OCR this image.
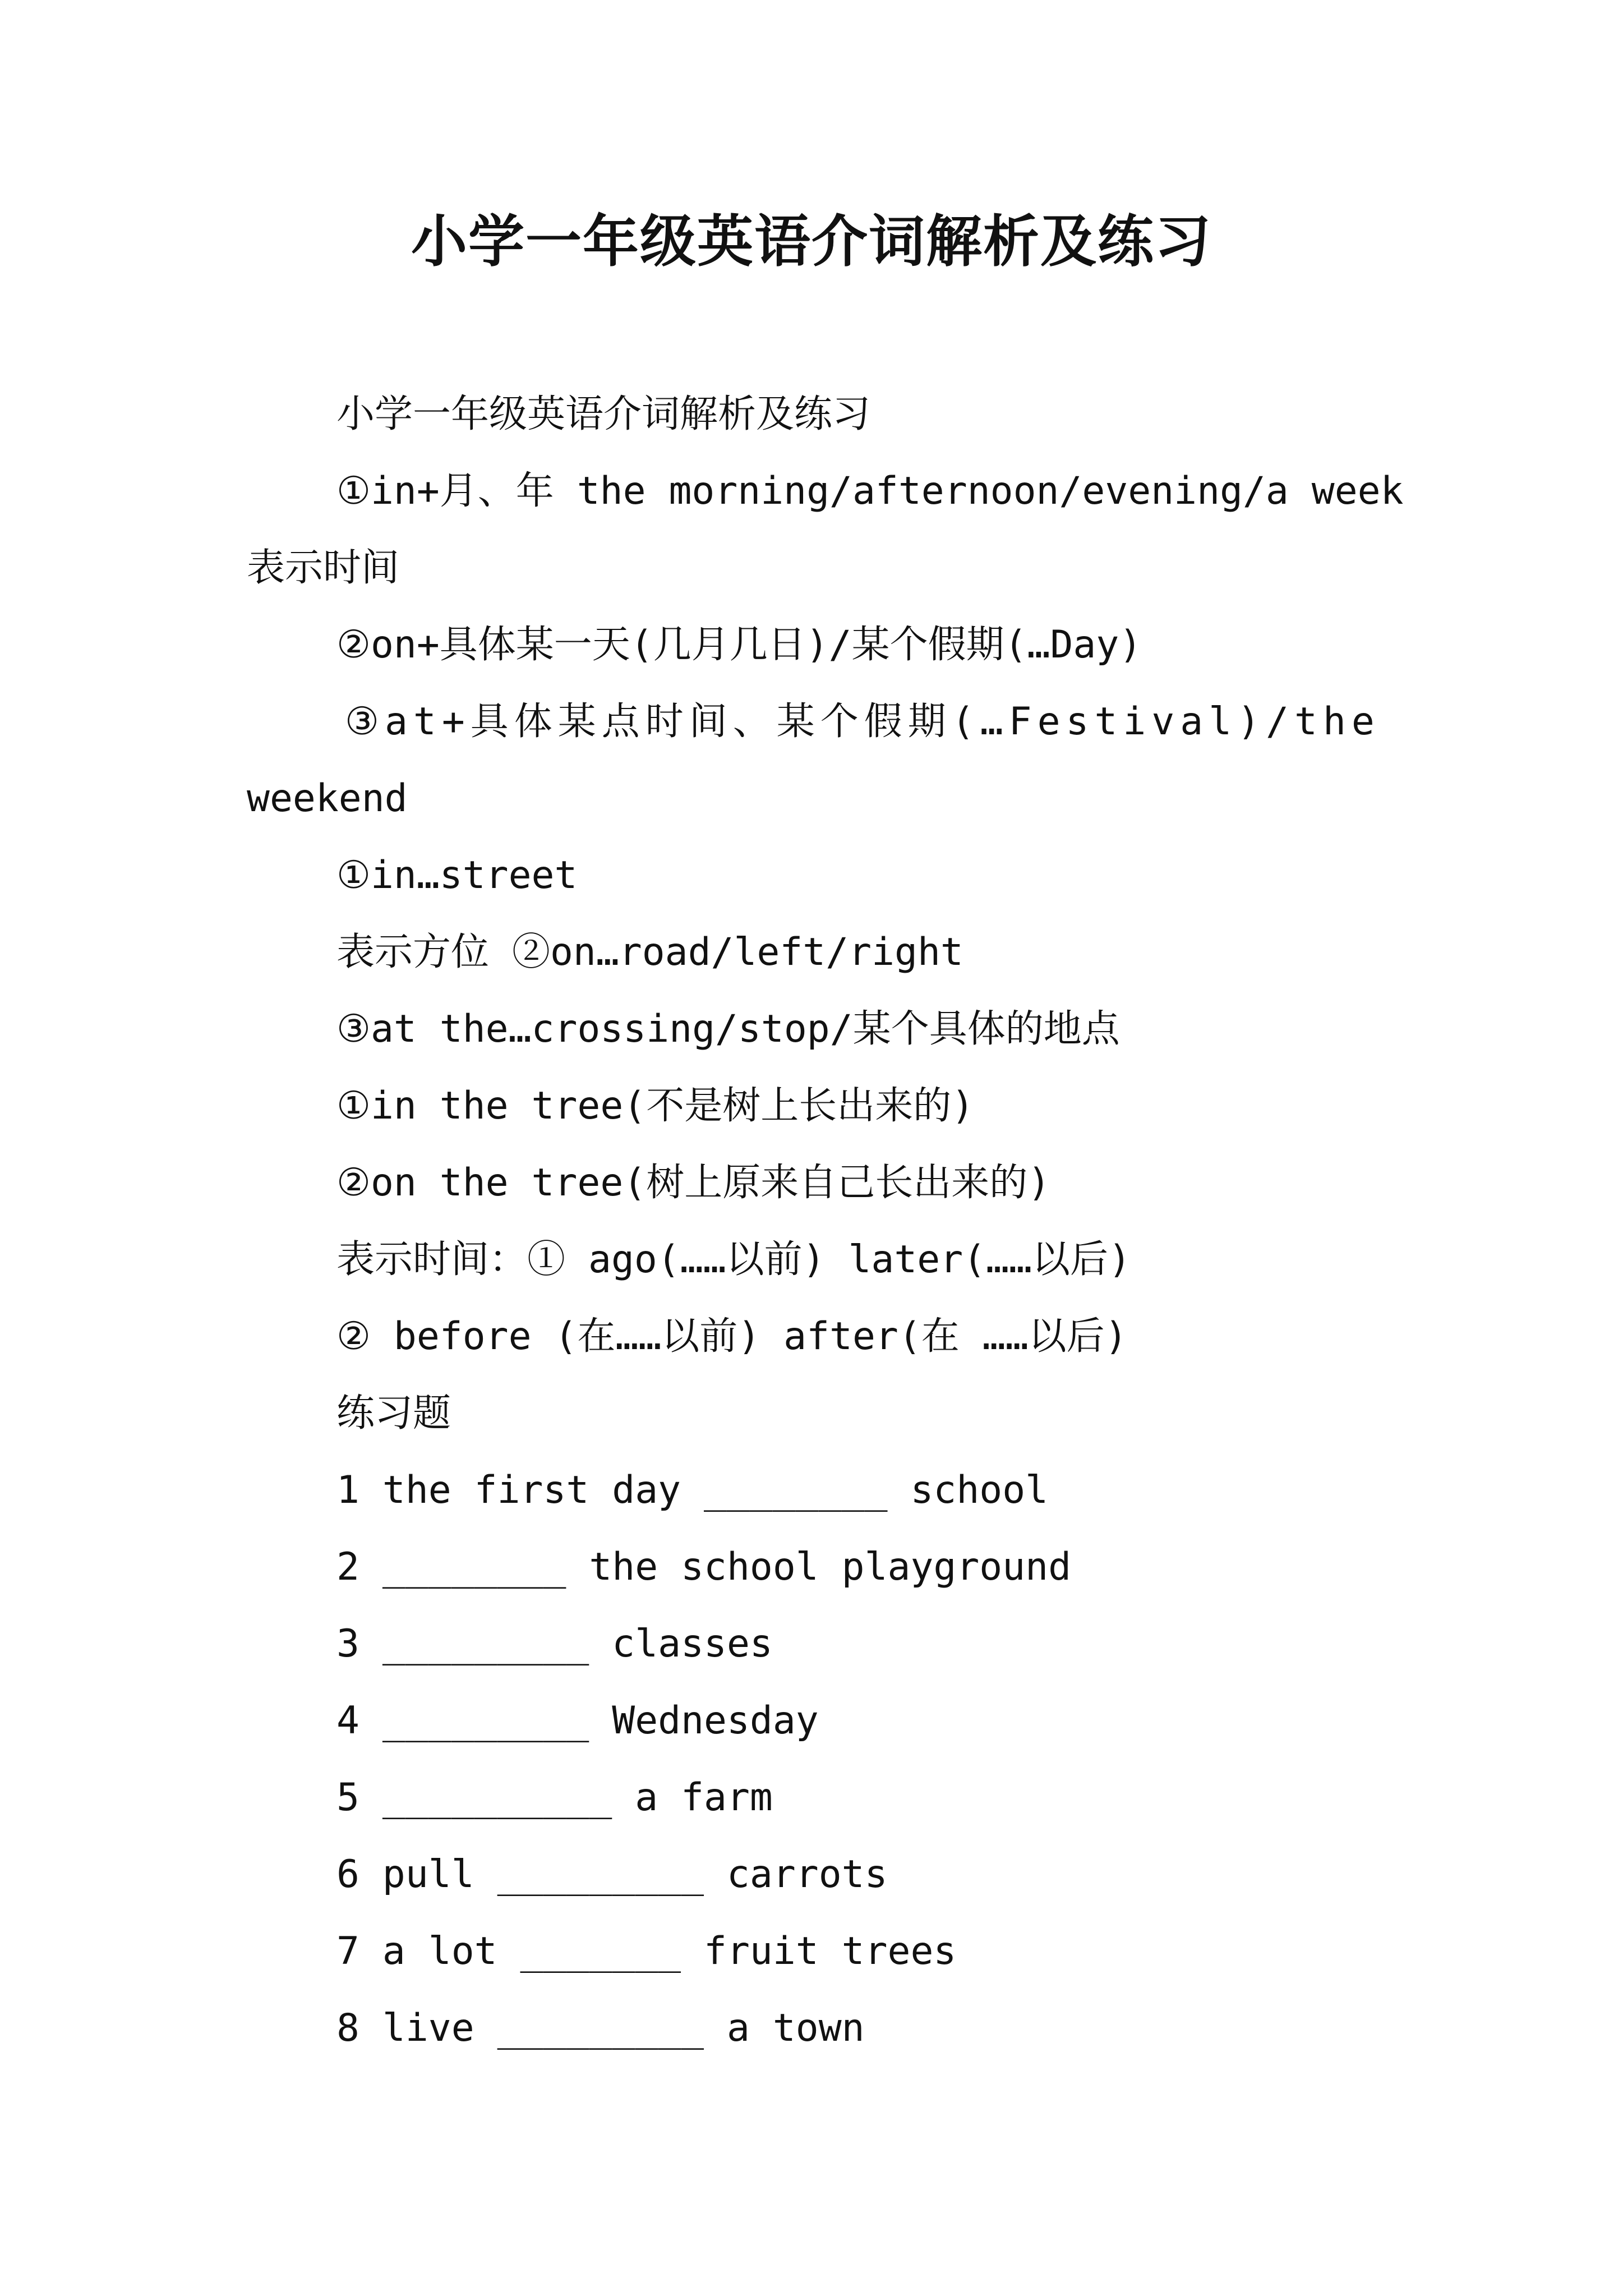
小学一年级英语介词解析及练习

小学一年级英语介词解析及练习

①in+月、年 the morning/afternoon/evening/a week

表示时间

②on+具体某一天(几月几日)/某个假期(…Day)

③at+具体某点时间、某个假期(…Festival)/the

weekend

①in…street

表示方位 ②on…road/left/right

③at the…crossing/stop/某个具体的地点

①in the tree(不是树上长出来的)

②on the tree(树上原来自己长出来的)

表示时间：① ago(……以前) later(……以后)

② before (在……以前) after(在 ……以后)

练习题

1 the first day ________ school

2 ________ the school playground

3 _________ classes

4 _________ Wednesday

5 __________ a farm

6 pull _________ carrots

7 a lot _______ fruit trees

8 live _________ a town
